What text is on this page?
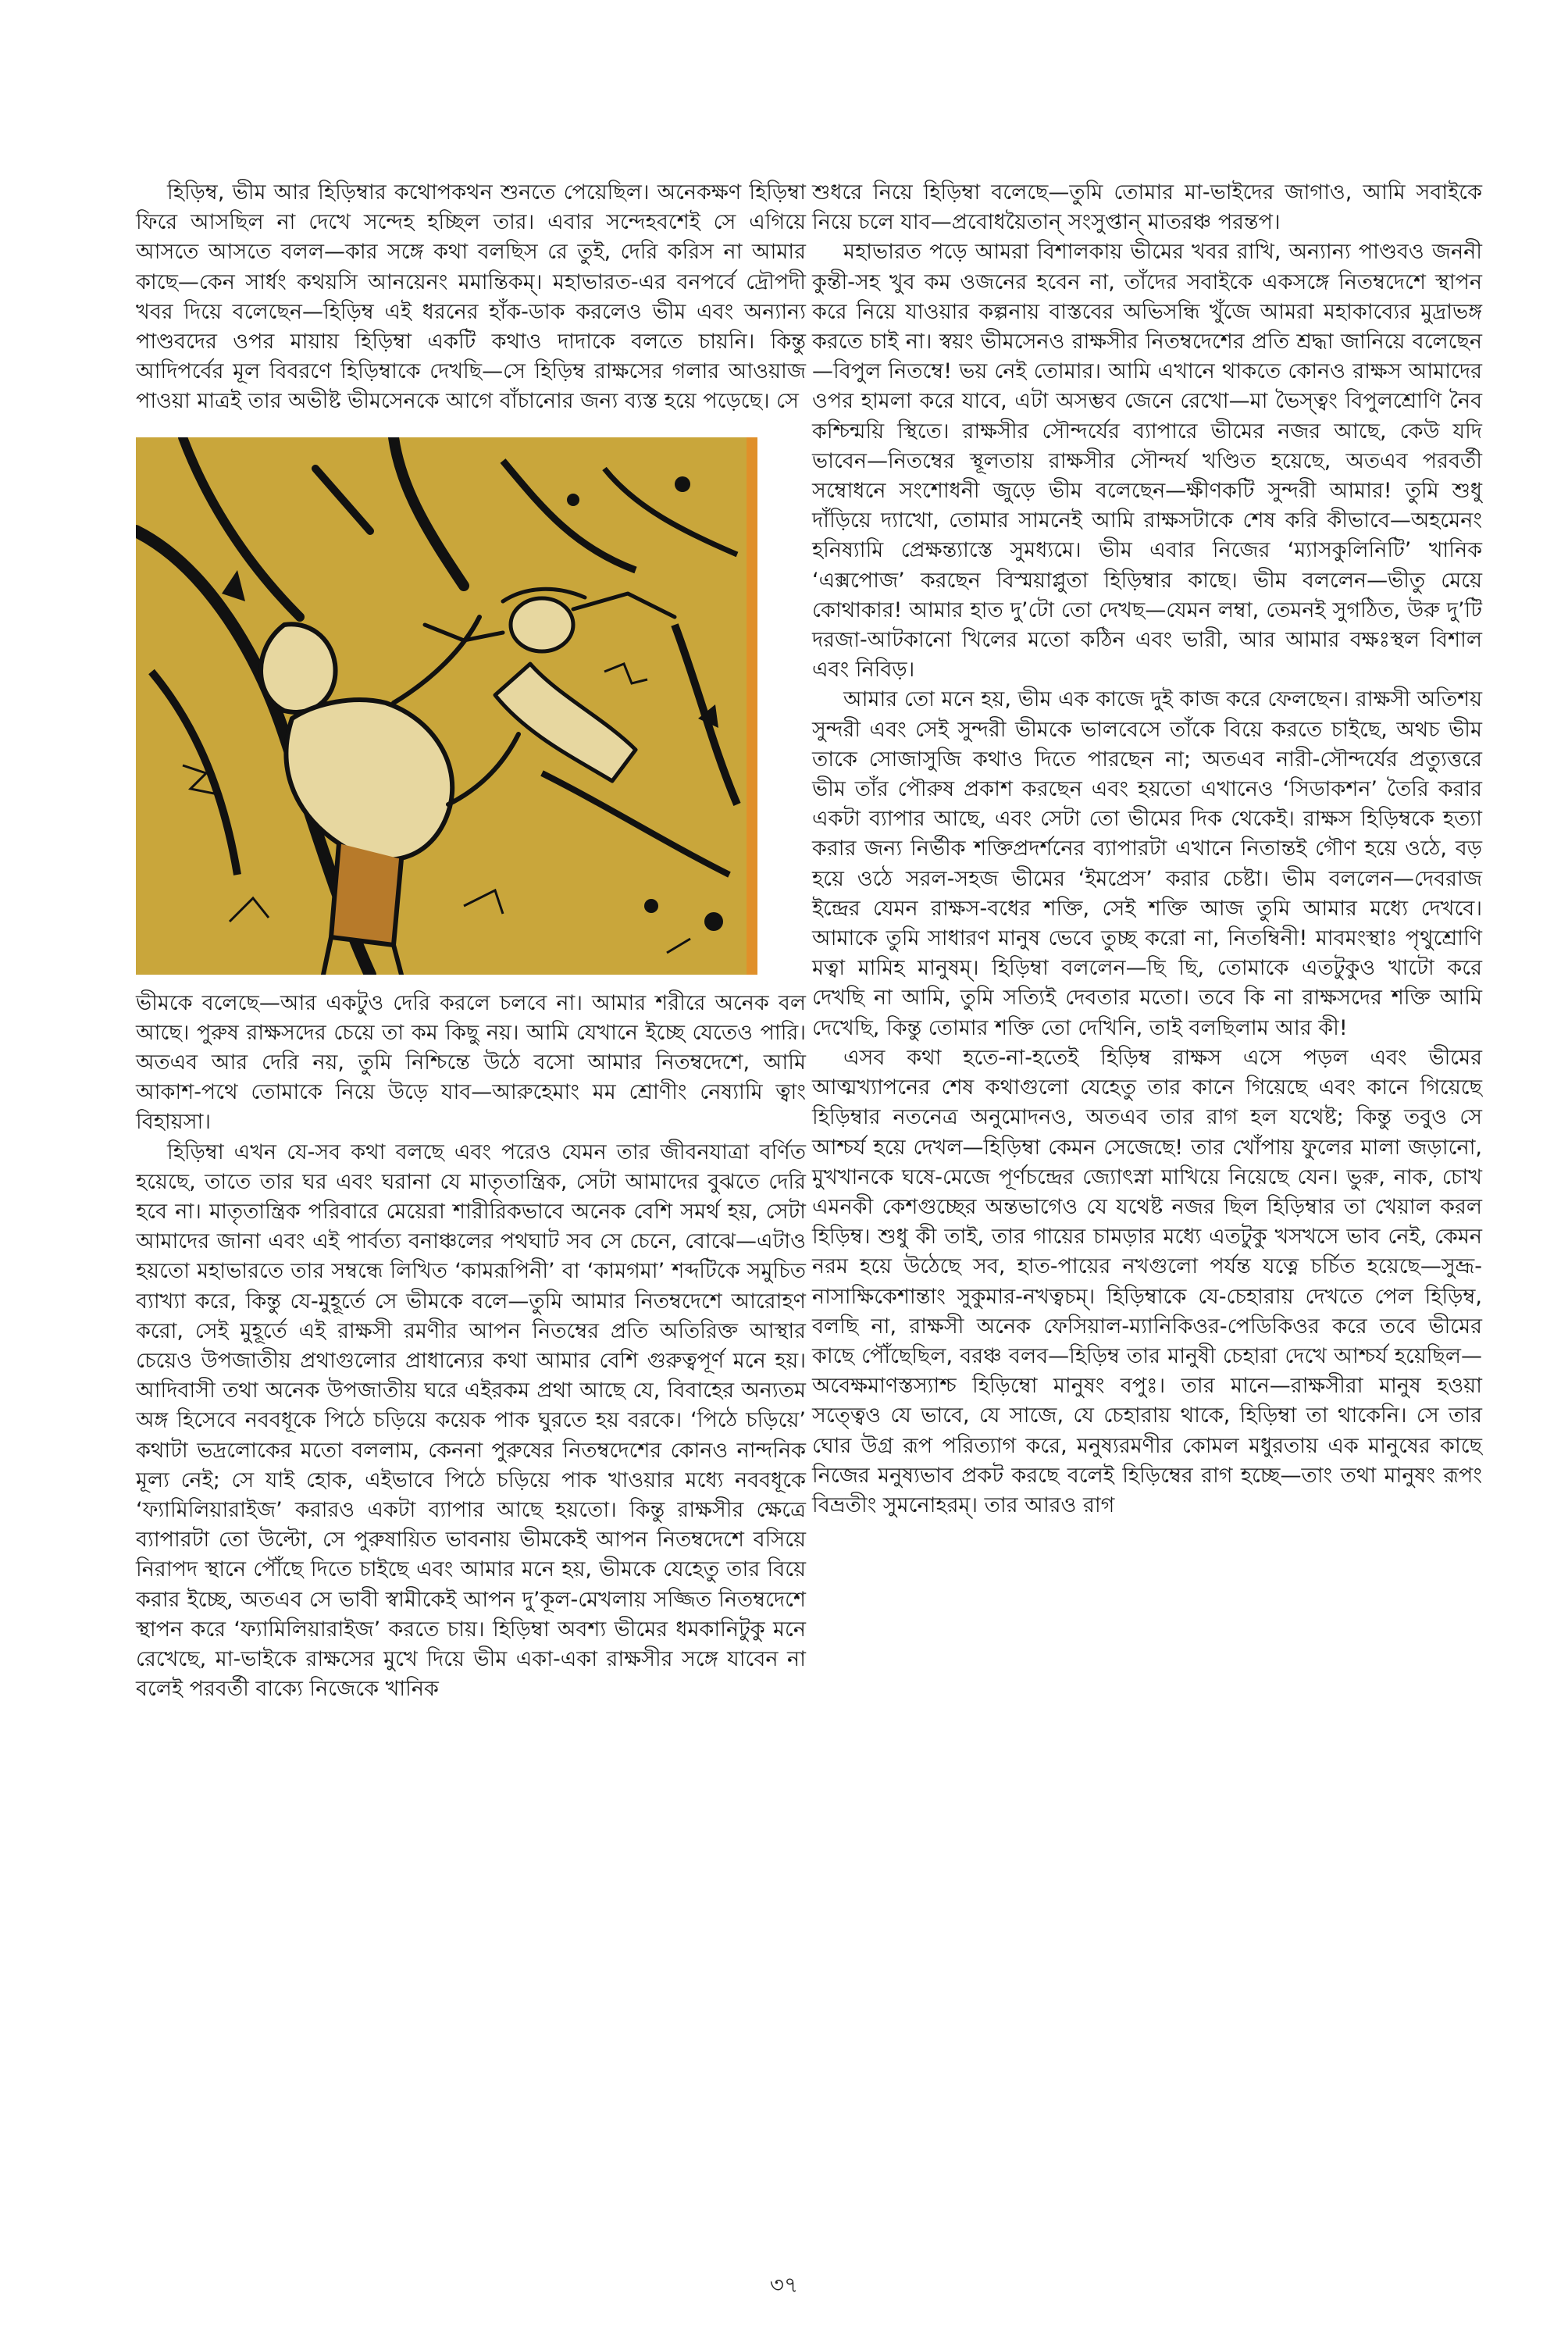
হিড়িম্ব, ভীম আর হিড়িম্বার কথোপকথন শুনতে পেয়েছিল। অনেকক্ষণ হিড়িম্বা ফিরে আসছিল না দেখে সন্দেহ হচ্ছিল তার। এবার সন্দেহবশেই সে এগিয়ে আসতে আসতে বলল—কার সঙ্গে কথা বলছিস রে তুই, দেরি করিস না আমার কাছে—কেন সার্ধং কথয়সি আনয়েনং মমান্তিকম্। মহাভারত-এর বনপর্বে দ্রৌপদী খবর দিয়ে বলেছেন—হিড়িম্ব এই ধরনের হাঁক-ডাক করলেও ভীম এবং অন্যান্য পাণ্ডবদের ওপর মায়ায় হিড়িম্বা একটি কথাও দাদাকে বলতে চায়নি। কিন্তু আদিপর্বের মূল বিবরণে হিড়িম্বাকে দেখছি—সে হিড়িম্ব রাক্ষসের গলার আওয়াজ পাওয়া মাত্রই তার অভীষ্ট ভীমসেনকে আগে বাঁচানোর জন্য ব্যস্ত হয়ে পড়েছে। সে

ভীমকে বলেছে—আর একটুও দেরি করলে চলবে না। আমার শরীরে অনেক বল আছে। পুরুষ রাক্ষসদের চেয়ে তা কম কিছু নয়। আমি যেখানে ইচ্ছে যেতেও পারি। অতএব আর দেরি নয়, তুমি নিশ্চিন্তে উঠে বসো আমার নিতম্বদেশে, আমি আকাশ-পথে তোমাকে নিয়ে উড়ে যাব—আরুহেমাং মম শ্রোণীং নেষ্যামি ত্বাং বিহায়সা।

হিড়িম্বা এখন যে-সব কথা বলছে এবং পরেও যেমন তার জীবনযাত্রা বর্ণিত হয়েছে, তাতে তার ঘর এবং ঘরানা যে মাতৃতান্ত্রিক, সেটা আমাদের বুঝতে দেরি হবে না। মাতৃতান্ত্রিক পরিবারে মেয়েরা শারীরিকভাবে অনেক বেশি সমর্থ হয়, সেটা আমাদের জানা এবং এই পার্বত্য বনাঞ্চলের পথঘাট সব সে চেনে, বোঝে—এটাও হয়তো মহাভারতে তার সম্বন্ধে লিখিত ‘কামরূপিনী’ বা ‘কামগমা’ শব্দটিকে সমুচিত ব্যাখ্যা করে, কিন্তু যে-মুহূর্তে সে ভীমকে বলে—তুমি আমার নিতম্বদেশে আরোহণ করো, সেই মুহূর্তে এই রাক্ষসী রমণীর আপন নিতম্বের প্রতি অতিরিক্ত আস্থার চেয়েও উপজাতীয় প্রথাগুলোর প্রাধান্যের কথা আমার বেশি গুরুত্বপূর্ণ মনে হয়। আদিবাসী তথা অনেক উপজাতীয় ঘরে এইরকম প্রথা আছে যে, বিবাহের অন্যতম অঙ্গ হিসেবে নববধূকে পিঠে চড়িয়ে কয়েক পাক ঘুরতে হয় বরকে। ‘পিঠে চড়িয়ে’ কথাটা ভদ্রলোকের মতো বললাম, কেননা পুরুষের নিতম্বদেশের কোনও নান্দনিক মূল্য নেই; সে যাই হোক, এইভাবে পিঠে চড়িয়ে পাক খাওয়ার মধ্যে নববধূকে ‘ফ্যামিলিয়ারাইজ’ করারও একটা ব্যাপার আছে হয়তো। কিন্তু রাক্ষসীর ক্ষেত্রে ব্যাপারটা তো উল্টো, সে পুরুষায়িত ভাবনায় ভীমকেই আপন নিতম্বদেশে বসিয়ে নিরাপদ স্থানে পৌঁছে দিতে চাইছে এবং আমার মনে হয়, ভীমকে যেহেতু তার বিয়ে করার ইচ্ছে, অতএব সে ভাবী স্বামীকেই আপন দু’কূল-মেখলায় সজ্জিত নিতম্বদেশে স্থাপন করে ‘ফ্যামিলিয়ারাইজ’ করতে চায়। হিড়িম্বা অবশ্য ভীমের ধমকানিটুকু মনে রেখেছে, মা-ভাইকে রাক্ষসের মুখে দিয়ে ভীম একা-একা রাক্ষসীর সঙ্গে যাবেন না বলেই পরবর্তী বাক্যে নিজেকে খানিক

শুধরে নিয়ে হিড়িম্বা বলেছে—তুমি তোমার মা-ভাইদের জাগাও, আমি সবাইকে নিয়ে চলে যাব—প্রবোধয়ৈতান্ সংসুপ্তান্ মাতরঞ্চ পরন্তপ।

মহাভারত পড়ে আমরা বিশালকায় ভীমের খবর রাখি, অন্যান্য পাণ্ডবও জননী কুন্তী-সহ খুব কম ওজনের হবেন না, তাঁদের সবাইকে একসঙ্গে নিতম্বদেশে স্থাপন করে নিয়ে যাওয়ার কল্পনায় বাস্তবের অভিসন্ধি খুঁজে আমরা মহাকাব্যের মুদ্রাভঙ্গ করতে চাই না। স্বয়ং ভীমসেনও রাক্ষসীর নিতম্বদেশের প্রতি শ্রদ্ধা জানিয়ে বলেছেন—বিপুল নিতম্বে! ভয় নেই তোমার। আমি এখানে থাকতে কোনও রাক্ষস আমাদের ওপর হামলা করে যাবে, এটা অসম্ভব জেনে রেখো—মা ভৈস্ত্বং বিপুলশ্রোণি নৈব কশ্চিন্ময়ি স্থিতে। রাক্ষসীর সৌন্দর্যের ব্যাপারে ভীমের নজর আছে, কেউ যদি ভাবেন—নিতম্বের স্থূলতায় রাক্ষসীর সৌন্দর্য খণ্ডিত হয়েছে, অতএব পরবর্তী সম্বোধনে সংশোধনী জুড়ে ভীম বলেছেন—ক্ষীণকটি সুন্দরী আমার! তুমি শুধু দাঁড়িয়ে দ্যাখো, তোমার সামনেই আমি রাক্ষসটাকে শেষ করি কীভাবে—অহমেনং হনিষ্যামি প্রেক্ষন্ত্যাস্তে সুমধ্যমে। ভীম এবার নিজের ‘ম্যাসকুলিনিটি’ খানিক ‘এক্সপোজ’ করছেন বিস্ময়াপ্লুতা হিড়িম্বার কাছে। ভীম বললেন—ভীতু মেয়ে কোথাকার! আমার হাত দু’টো তো দেখছ—যেমন লম্বা, তেমনই সুগঠিত, উরু দু’টি দরজা-আটকানো খিলের মতো কঠিন এবং ভারী, আর আমার বক্ষঃস্থল বিশাল এবং নিবিড়।

আমার তো মনে হয়, ভীম এক কাজে দুই কাজ করে ফেলছেন। রাক্ষসী অতিশয় সুন্দরী এবং সেই সুন্দরী ভীমকে ভালবেসে তাঁকে বিয়ে করতে চাইছে, অথচ ভীম তাকে সোজাসুজি কথাও দিতে পারছেন না; অতএব নারী-সৌন্দর্যের প্রত্যুত্তরে ভীম তাঁর পৌরুষ প্রকাশ করছেন এবং হয়তো এখানেও ‘সিডাকশন’ তৈরি করার একটা ব্যাপার আছে, এবং সেটা তো ভীমের দিক থেকেই। রাক্ষস হিড়িম্বকে হত্যা করার জন্য নির্ভীক শক্তিপ্রদর্শনের ব্যাপারটা এখানে নিতান্তই গৌণ হয়ে ওঠে, বড় হয়ে ওঠে সরল-সহজ ভীমের ‘ইমপ্রেস’ করার চেষ্টা। ভীম বললেন—দেবরাজ ইন্দ্রের যেমন রাক্ষস-বধের শক্তি, সেই শক্তি আজ তুমি আমার মধ্যে দেখবে। আমাকে তুমি সাধারণ মানুষ ভেবে তুচ্ছ করো না, নিতম্বিনী! মাবমংস্থাঃ পৃথুশ্রোণি মত্বা মামিহ মানুষম্। হিড়িম্বা বললেন—ছি ছি, তোমাকে এতটুকুও খাটো করে দেখছি না আমি, তুমি সত্যিই দেবতার মতো। তবে কি না রাক্ষসদের শক্তি আমি দেখেছি, কিন্তু তোমার শক্তি তো দেখিনি, তাই বলছিলাম আর কী!

এসব কথা হতে-না-হতেই হিড়িম্ব রাক্ষস এসে পড়ল এবং ভীমের আত্মখ্যাপনের শেষ কথাগুলো যেহেতু তার কানে গিয়েছে এবং কানে গিয়েছে হিড়িম্বার নতনেত্র অনুমোদনও, অতএব তার রাগ হল যথেষ্ট; কিন্তু তবুও সে আশ্চর্য হয়ে দেখল—হিড়িম্বা কেমন সেজেছে! তার খোঁপায় ফুলের মালা জড়ানো, মুখখানকে ঘষে-মেজে পূর্ণচন্দ্রের জ্যোৎস্না মাখিয়ে নিয়েছে যেন। ভুরু, নাক, চোখ এমনকী কেশগুচ্ছের অন্তভাগেও যে যথেষ্ট নজর ছিল হিড়িম্বার তা খেয়াল করল হিড়িম্ব। শুধু কী তাই, তার গায়ের চামড়ার মধ্যে এতটুকু খসখসে ভাব নেই, কেমন নরম হয়ে উঠেছে সব, হাত-পায়ের নখগুলো পর্যন্ত যত্নে চর্চিত হয়েছে—সুভ্রূ-নাসাক্ষিকেশান্তাং সুকুমার-নখত্বচম্। হিড়িম্বাকে যে-চেহারায় দেখতে পেল হিড়িম্ব, বলছি না, রাক্ষসী অনেক ফেসিয়াল-ম্যানিকিওর-পেডিকিওর করে তবে ভীমের কাছে পৌঁছেছিল, বরঞ্চ বলব—হিড়িম্ব তার মানুষী চেহারা দেখে আশ্চর্য হয়েছিল—অবেক্ষমাণস্তস্যাশ্চ হিড়িম্বো মানুষং বপুঃ। তার মানে—রাক্ষসীরা মানুষ হওয়া সত্ত্বেও যে ভাবে, যে সাজে, যে চেহারায় থাকে, হিড়িম্বা তা থাকেনি। সে তার ঘোর উগ্র রূপ পরিত্যাগ করে, মনুষ্যরমণীর কোমল মধুরতায় এক মানুষের কাছে নিজের মনুষ্যভাব প্রকট করছে বলেই হিড়িম্বের রাগ হচ্ছে—তাং তথা মানুষং রূপং বিভ্রতীং সুমনোহরম্। তার আরও রাগ

৩৭
